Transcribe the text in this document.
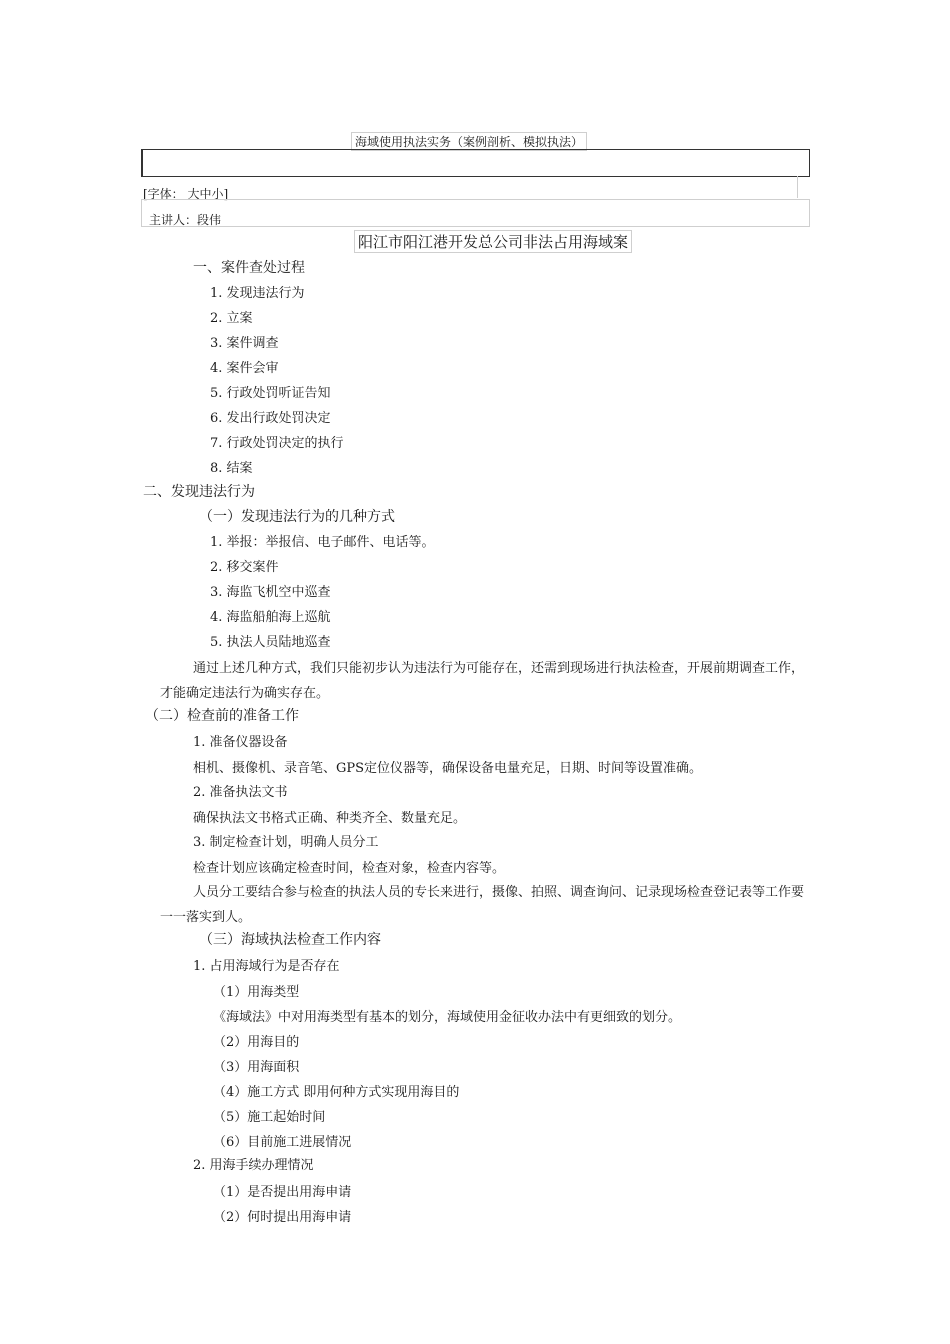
海域使用执法实务（案例剖析、模拟执法）
[字体： 大中小]
主讲人：段伟
阳江市阳江港开发总公司非法占用海域案
一、案件查处过程
1. 发现违法行为
2. 立案
3. 案件调查
4. 案件会审
5. 行政处罚听证告知
6. 发出行政处罚决定
7. 行政处罚决定的执行
8. 结案
二、发现违法行为
（一）发现违法行为的几种方式
1. 举报：举报信、电子邮件、电话等。
2. 移交案件
3. 海监飞机空中巡查
4. 海监船舶海上巡航
5. 执法人员陆地巡查
通过上述几种方式，我们只能初步认为违法行为可能存在，还需到现场进行执法检查，开展前期调查工作，
才能确定违法行为确实存在。
（二）检查前的准备工作
1. 准备仪器设备
相机、摄像机、录音笔、GPS定位仪器等，确保设备电量充足，日期、时间等设置准确。
2. 准备执法文书
确保执法文书格式正确、种类齐全、数量充足。
3. 制定检查计划，明确人员分工
检查计划应该确定检查时间，检查对象，检查内容等。
人员分工要结合参与检查的执法人员的专长来进行，摄像、拍照、调查询问、记录现场检查登记表等工作要
一一落实到人。
（三）海域执法检查工作内容
1. 占用海域行为是否存在
（1）用海类型
《海域法》中对用海类型有基本的划分，海域使用金征收办法中有更细致的划分。
（2）用海目的
（3）用海面积
（4）施工方式 即用何种方式实现用海目的
（5）施工起始时间
（6）目前施工进展情况
2. 用海手续办理情况
（1）是否提出用海申请
（2）何时提出用海申请
